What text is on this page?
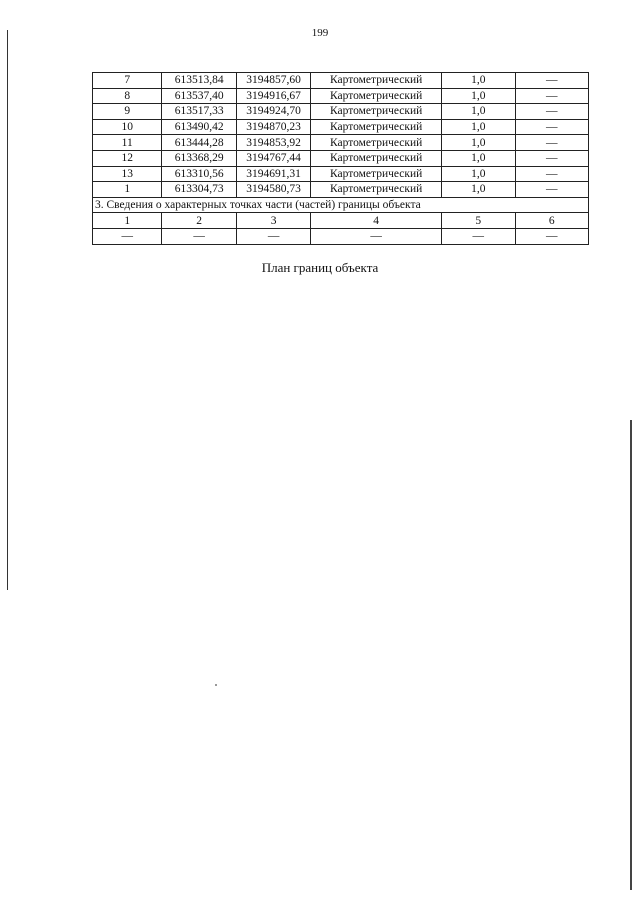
199
7	613513,84	3194857,60	Картометрический	1,0	—
8	613537,40	3194916,67	Картометрический	1,0	—
9	613517,33	3194924,70	Картометрический	1,0	—
10	613490,42	3194870,23	Картометрический	1,0	—
11	613444,28	3194853,92	Картометрический	1,0	—
12	613368,29	3194767,44	Картометрический	1,0	—
13	613310,56	3194691,31	Картометрический	1,0	—
1	613304,73	3194580,73	Картометрический	1,0	—
3. Сведения о характерных точках части (частей) границы объекта					
1	2	3	4	5	6
—	—	—	—	—	—
План границ объекта
